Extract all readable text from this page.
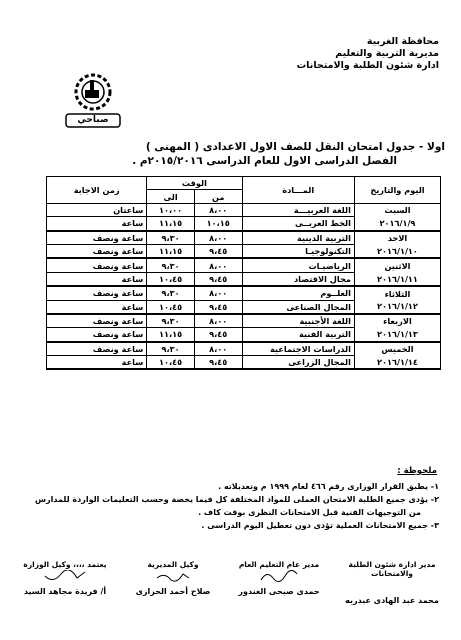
محافظة الغربية
مديرية التربية والتعليم
ادارة شئون الطلبة والامتحانات
صباحي
اولا - جدول امتحان النقل للصف الاول الاعدادى ( المهنى )
الفصل الدراسى الاول للعام الدراسى ٢٠١٥/٢٠١٦م .
اليوم والتاريخ	المـــادة	الوقت		زمن الاجابة
		من	الى	
السبت	اللغة العربيـــة	٨،٠٠	١٠،٠٠	ساعتان
٢٠١٦/١/٩	الخط العربــى	١٠،١٥	١١،١٥	ساعة
الاحد	التربية الدينية	٨،٠٠	٩،٣٠	ساعة ونصف
٢٠١٦/١/١٠	التكنولوجيـا	٩،٤٥	١١،١٥	ساعة ونصف
الاثنين	الرياضيـات	٨،٠٠	٩،٣٠	ساعة ونصف
٢٠١٦/١/١١	مجال الاقتصاد	٩،٤٥	١٠،٤٥	ساعة
الثلاثاء	العلــوم	٨،٠٠	٩،٣٠	ساعة ونصف
٢٠١٦/١/١٢	المجال الصناعى	٩،٤٥	١٠،٤٥	ساعة
الاربعاء	اللغة الأجنبية	٨،٠٠	٩،٣٠	ساعة ونصف
٢٠١٦/١/١٣	التربية الفنية	٩،٤٥	١١،١٥	ساعة ونصف
الخميس	الدراسات الاجتماعية	٨،٠٠	٩،٣٠	ساعة ونصف
٢٠١٦/١/١٤	المجال الزراعى	٩،٤٥	١٠،٤٥	ساعة
ملحوظة :
١- يطبق القرار الوزارى رقم ٤٦٦ لعام ١٩٩٩ م وتعديلاته .
٢- يؤدى جميع الطلبة الامتحان العملى للمواد المختلفة كل فيما يخصة وحسب التعليمات الواردة للمدارس
من التوجيهات الفنية قبل الامتحانات النظرى بوقت كاف .
٣- جميع الامتحانات العملية تؤدى دون تعطيل اليوم الدراسى .
مدير ادارة شئون الطلبة والامتحانات
محمد عبد الهادى عبدربه
مدير عام التعليم العام
حمدى صبحى الغندور
وكيل المديرية
صلاح أحمد الحرازى
يعتمد ،،،، وكيل الوزارة
أ/ فريدة مجاهد السيد
